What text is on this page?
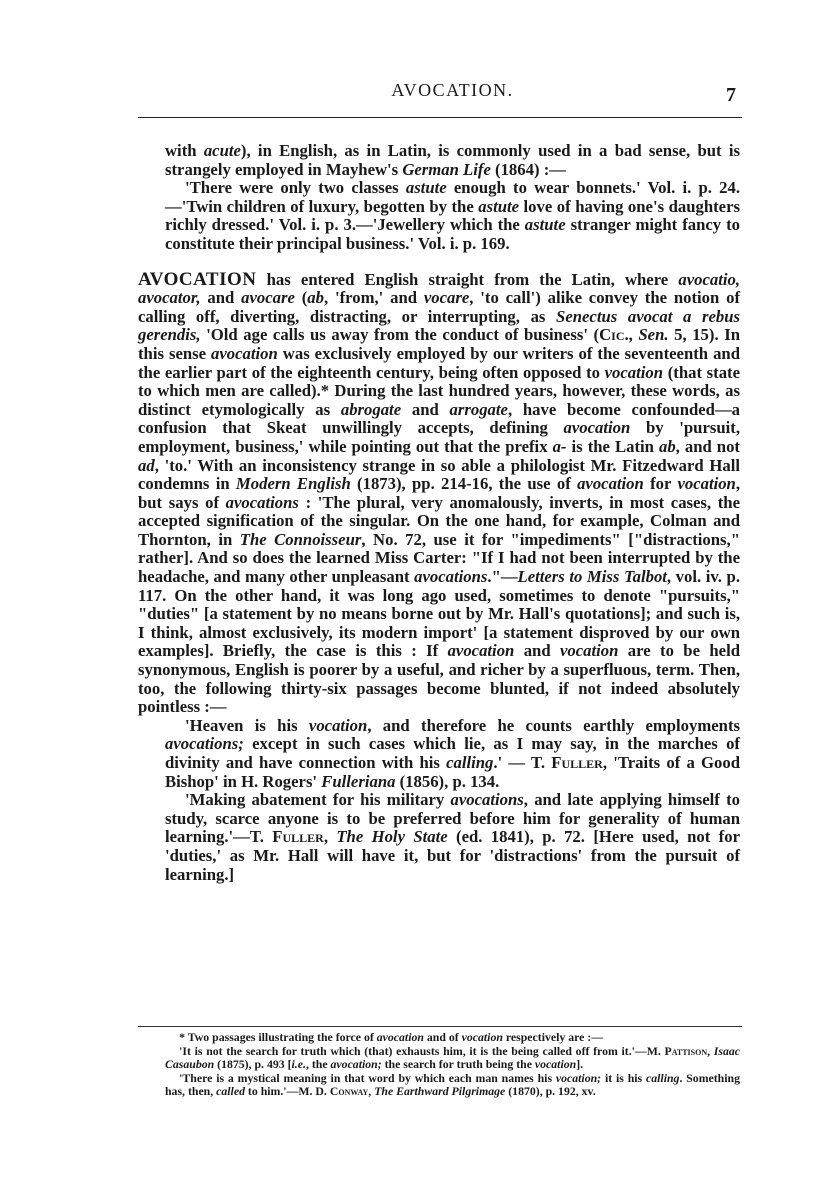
AVOCATION.	7

with acute), in English, as in Latin, is commonly used in a bad sense, but is strangely employed in Mayhew's German Life (1864) :—

'There were only two classes astute enough to wear bonnets.' Vol. i. p. 24.—'Twin children of luxury, begotten by the astute love of having one's daughters richly dressed.' Vol. i. p. 3.—'Jewellery which the astute stranger might fancy to constitute their principal business.' Vol. i. p. 169.

AVOCATION has entered English straight from the Latin, where avocatio, avocator, and avocare (ab, 'from,' and vocare, 'to call') alike convey the notion of calling off, diverting, distracting, or interrupting, as Senectus avocat a rebus gerendis, 'Old age calls us away from the conduct of business' (Cic., Sen. 5, 15). In this sense avocation was exclusively employed by our writers of the seventeenth and the earlier part of the eighteenth century, being often opposed to vocation (that state to which men are called).* During the last hundred years, however, these words, as distinct etymologically as abrogate and arrogate, have become confounded—a confusion that Skeat unwillingly accepts, defining avocation by 'pursuit, employment, business,' while pointing out that the prefix a- is the Latin ab, and not ad, 'to.' With an inconsistency strange in so able a philologist Mr. Fitzedward Hall condemns in Modern English (1873), pp. 214-16, the use of avocation for vocation, but says of avocations : 'The plural, very anomalously, inverts, in most cases, the accepted signification of the singular. On the one hand, for example, Colman and Thornton, in The Connoisseur, No. 72, use it for "impediments" ["distractions," rather]. And so does the learned Miss Carter: "If I had not been interrupted by the headache, and many other unpleasant avocations."—Letters to Miss Talbot, vol. iv. p. 117. On the other hand, it was long ago used, sometimes to denote "pursuits," "duties" [a statement by no means borne out by Mr. Hall's quotations]; and such is, I think, almost exclusively, its modern import' [a statement disproved by our own examples]. Briefly, the case is this : If avocation and vocation are to be held synonymous, English is poorer by a useful, and richer by a superfluous, term. Then, too, the following thirty-six passages become blunted, if not indeed absolutely pointless :—

'Heaven is his vocation, and therefore he counts earthly employments avocations; except in such cases which lie, as I may say, in the marches of divinity and have connection with his calling.' — T. Fuller, 'Traits of a Good Bishop' in H. Rogers' Fulleriana (1856), p. 134.

'Making abatement for his military avocations, and late applying himself to study, scarce anyone is to be preferred before him for generality of human learning.'—T. Fuller, The Holy State (ed. 1841), p. 72. [Here used, not for 'duties,' as Mr. Hall will have it, but for 'distractions' from the pursuit of learning.]

* Two passages illustrating the force of avocation and of vocation respectively are :—

'It is not the search for truth which (that) exhausts him, it is the being called off from it.'—M. Pattison, Isaac Casaubon (1875), p. 493 [i.e., the avocation; the search for truth being the vocation].

'There is a mystical meaning in that word by which each man names his vocation; it is his calling. Something has, then, called to him.'—M. D. Conway, The Earthward Pilgrimage (1870), p. 192, xv.
